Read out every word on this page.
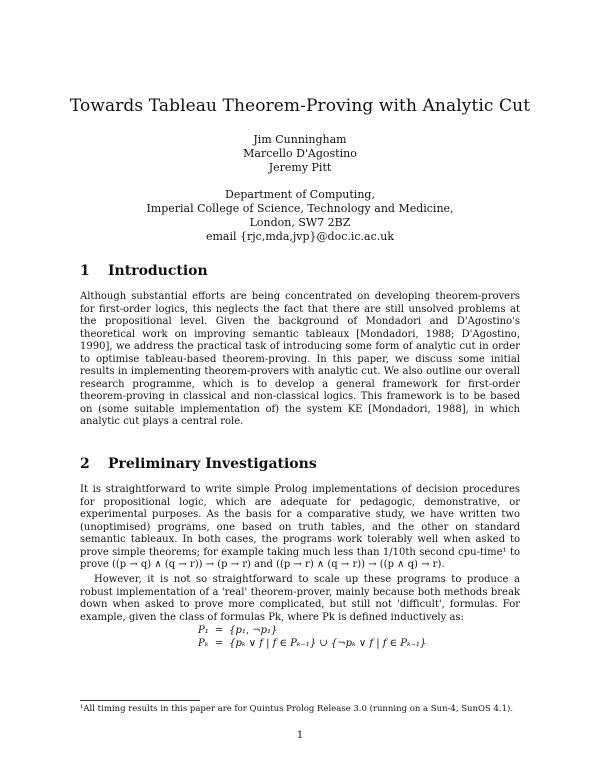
Towards Tableau Theorem-Proving with Analytic Cut
Jim Cunningham
Marcello D'Agostino
Jeremy Pitt
Department of Computing,
Imperial College of Science, Technology and Medicine,
London, SW7 2BZ
email {rjc,mda,jvp}@doc.ic.ac.uk
1 Introduction
Although substantial efforts are being concentrated on developing theorem-provers for first-order logics, this neglects the fact that there are still unsolved problems at the propositional level. Given the background of Mondadori and D'Agostino's theoretical work on improving semantic tableaux [Mondadori, 1988; D'Agostino, 1990], we address the practical task of introducing some form of analytic cut in order to optimise tableau-based theorem-proving. In this paper, we discuss some initial results in implementing theorem-provers with analytic cut. We also outline our overall research programme, which is to develop a general framework for first-order theorem-proving in classical and non-classical logics. This framework is to be based on (some suitable implementation of) the system KE [Mondadori, 1988], in which analytic cut plays a central role.
2 Preliminary Investigations
It is straightforward to write simple Prolog implementations of decision procedures for propositional logic, which are adequate for pedagogic, demonstrative, or experimental purposes. As the basis for a comparative study, we have written two (unoptimised) programs, one based on truth tables, and the other on standard semantic tableaux. In both cases, the programs work tolerably well when asked to prove simple theorems; for example taking much less than 1/10th second cpu-time¹ to prove ((p → q) ∧ (q → r)) → (p → r) and ((p → r) ∧ (q → r)) → ((p ∧ q) → r).
However, it is not so straightforward to scale up these programs to produce a robust implementation of a 'real' theorem-prover, mainly because both methods break down when asked to prove more complicated, but still not 'difficult', formulas. For example, given the class of formulas Pk, where Pk is defined inductively as:
P₁	=	{p₁, ¬p₁}
Pₖ	=	{pₖ ∨ f | f ∈ Pₖ₋₁} ∪ {¬pₖ ∨ f | f ∈ Pₖ₋₁}
¹All timing results in this paper are for Quintus Prolog Release 3.0 (running on a Sun-4, SunOS 4.1).
1
